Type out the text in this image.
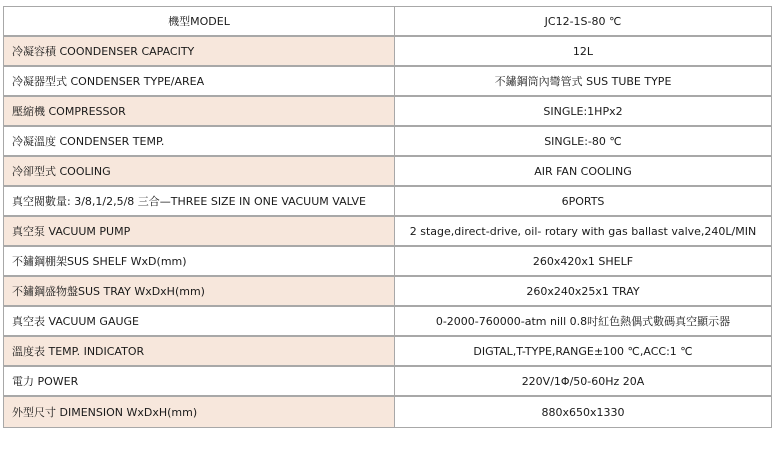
機型MODEL	JC12-1S-80 ℃
冷凝容積 COONDENSER CAPACITY	12L
冷凝器型式 CONDENSER TYPE/AREA	不鏽鋼筒內彎管式 SUS TUBE TYPE
壓縮機 COMPRESSOR	SINGLE:1HPx2
冷凝溫度 CONDENSER TEMP.	SINGLE:-80 ℃
冷卻型式 COOLING	AIR FAN COOLING
真空閥數量: 3/8,1/2,5/8 三合—THREE SIZE IN ONE VACUUM VALVE	6PORTS
真空泵 VACUUM PUMP	2 stage,direct-drive, oil- rotary with gas ballast valve,240L/MIN
不鏽鋼棚架SUS SHELF WxD(mm)	260x420x1 SHELF
不鏽鋼盛物盤SUS TRAY WxDxH(mm)	260x240x25x1 TRAY
真空表 VACUUM GAUGE	0-2000-760000-atm nill 0.8吋紅色熱偶式數碼真空顯示器
溫度表 TEMP. INDICATOR	DIGTAL,T-TYPE,RANGE±100 ℃,ACC:1 ℃
電力 POWER	220V/1Φ/50-60Hz 20A
外型尺寸 DIMENSION WxDxH(mm)	880x650x1330
